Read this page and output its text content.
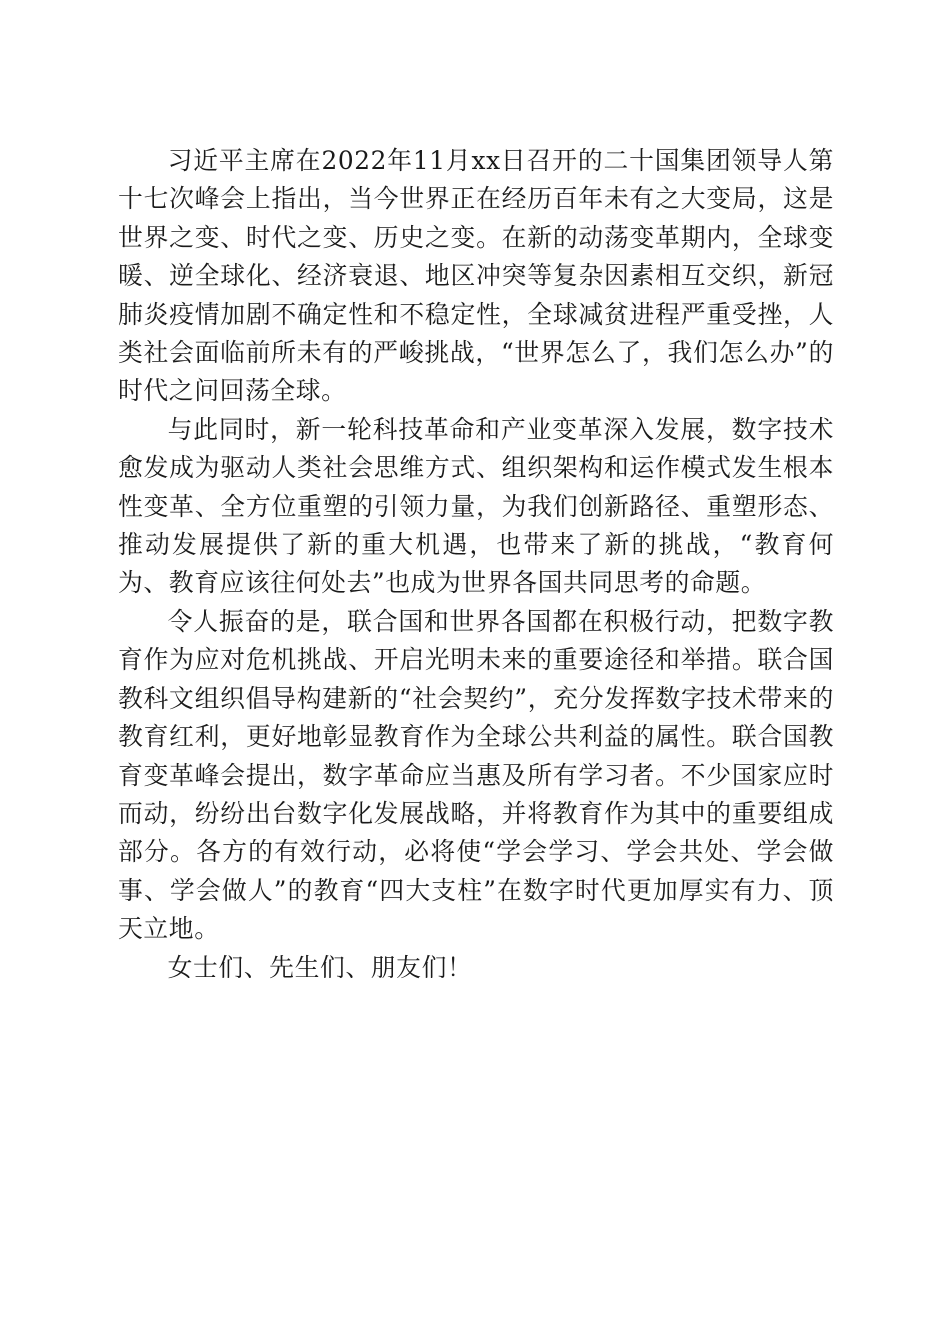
习近平主席在2022年11月xx日召开的二十国集团领导人第十七次峰会上指出，当今世界正在经历百年未有之大变局，这是世界之变、时代之变、历史之变。在新的动荡变革期内，全球变暖、逆全球化、经济衰退、地区冲突等复杂因素相互交织，新冠肺炎疫情加剧不确定性和不稳定性，全球减贫进程严重受挫，人类社会面临前所未有的严峻挑战，“世界怎么了，我们怎么办”的时代之问回荡全球。

与此同时，新一轮科技革命和产业变革深入发展，数字技术愈发成为驱动人类社会思维方式、组织架构和运作模式发生根本性变革、全方位重塑的引领力量，为我们创新路径、重塑形态、推动发展提供了新的重大机遇，也带来了新的挑战，“教育何为、教育应该往何处去”也成为世界各国共同思考的命题。

令人振奋的是，联合国和世界各国都在积极行动，把数字教育作为应对危机挑战、开启光明未来的重要途径和举措。联合国教科文组织倡导构建新的“社会契约”，充分发挥数字技术带来的教育红利，更好地彰显教育作为全球公共利益的属性。联合国教育变革峰会提出，数字革命应当惠及所有学习者。不少国家应时而动，纷纷出台数字化发展战略，并将教育作为其中的重要组成部分。各方的有效行动，必将使“学会学习、学会共处、学会做事、学会做人”的教育“四大支柱”在数字时代更加厚实有力、顶天立地。

女士们、先生们、朋友们！
